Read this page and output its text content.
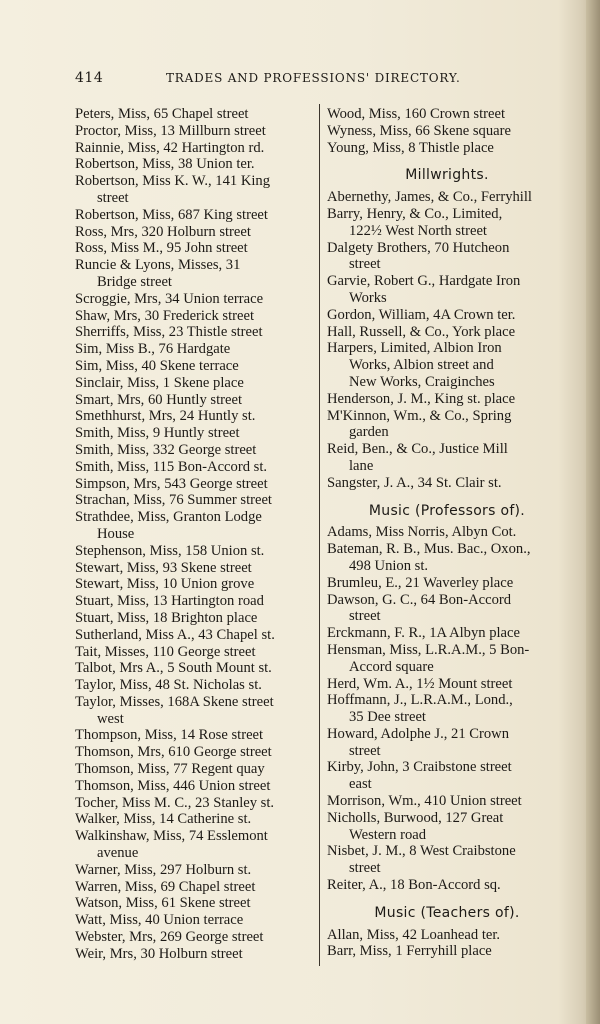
414	TRADES AND PROFESSIONS' DIRECTORY.
Peters, Miss, 65 Chapel street
Proctor, Miss, 13 Millburn street
Rainnie, Miss, 42 Hartington rd.
Robertson, Miss, 38 Union ter.
Robertson, Miss K. W., 141 King
street
Robertson, Miss, 687 King street
Ross, Mrs, 320 Holburn street
Ross, Miss M., 95 John street
Runcie & Lyons, Misses, 31
Bridge street
Scroggie, Mrs, 34 Union terrace
Shaw, Mrs, 30 Frederick street
Sherriffs, Miss, 23 Thistle street
Sim, Miss B., 76 Hardgate
Sim, Miss, 40 Skene terrace
Sinclair, Miss, 1 Skene place
Smart, Mrs, 60 Huntly street
Smethhurst, Mrs, 24 Huntly st.
Smith, Miss, 9 Huntly street
Smith, Miss, 332 George street
Smith, Miss, 115 Bon-Accord st.
Simpson, Mrs, 543 George street
Strachan, Miss, 76 Summer street
Strathdee, Miss, Granton Lodge
House
Stephenson, Miss, 158 Union st.
Stewart, Miss, 93 Skene street
Stewart, Miss, 10 Union grove
Stuart, Miss, 13 Hartington road
Stuart, Miss, 18 Brighton place
Sutherland, Miss A., 43 Chapel st.
Tait, Misses, 110 George street
Talbot, Mrs A., 5 South Mount st.
Taylor, Miss, 48 St. Nicholas st.
Taylor, Misses, 168A Skene street
west
Thompson, Miss, 14 Rose street
Thomson, Mrs, 610 George street
Thomson, Miss, 77 Regent quay
Thomson, Miss, 446 Union street
Tocher, Miss M. C., 23 Stanley st.
Walker, Miss, 14 Catherine st.
Walkinshaw, Miss, 74 Esslemont
avenue
Warner, Miss, 297 Holburn st.
Warren, Miss, 69 Chapel street
Watson, Miss, 61 Skene street
Watt, Miss, 40 Union terrace
Webster, Mrs, 269 George street
Weir, Mrs, 30 Holburn street
Wood, Miss, 160 Crown street
Wyness, Miss, 66 Skene square
Young, Miss, 8 Thistle place
Millwrights.
Abernethy, James, & Co., Ferryhill
Barry, Henry, & Co., Limited,
122½ West North street
Dalgety Brothers, 70 Hutcheon
street
Garvie, Robert G., Hardgate Iron
Works
Gordon, William, 4A Crown ter.
Hall, Russell, & Co., York place
Harpers, Limited, Albion Iron
Works, Albion street and
New Works, Craiginches
Henderson, J. M., King st. place
M'Kinnon, Wm., & Co., Spring
garden
Reid, Ben., & Co., Justice Mill
lane
Sangster, J. A., 34 St. Clair st.
Music (Professors of).
Adams, Miss Norris, Albyn Cot.
Bateman, R. B., Mus. Bac., Oxon.,
498 Union st.
Brumleu, E., 21 Waverley place
Dawson, G. C., 64 Bon-Accord
street
Erckmann, F. R., 1A Albyn place
Hensman, Miss, L.R.A.M., 5 Bon-
Accord square
Herd, Wm. A., 1½ Mount street
Hoffmann, J., L.R.A.M., Lond.,
35 Dee street
Howard, Adolphe J., 21 Crown
street
Kirby, John, 3 Craibstone street
east
Morrison, Wm., 410 Union street
Nicholls, Burwood, 127 Great
Western road
Nisbet, J. M., 8 West Craibstone
street
Reiter, A., 18 Bon-Accord sq.
Music (Teachers of).
Allan, Miss, 42 Loanhead ter.
Barr, Miss, 1 Ferryhill place
